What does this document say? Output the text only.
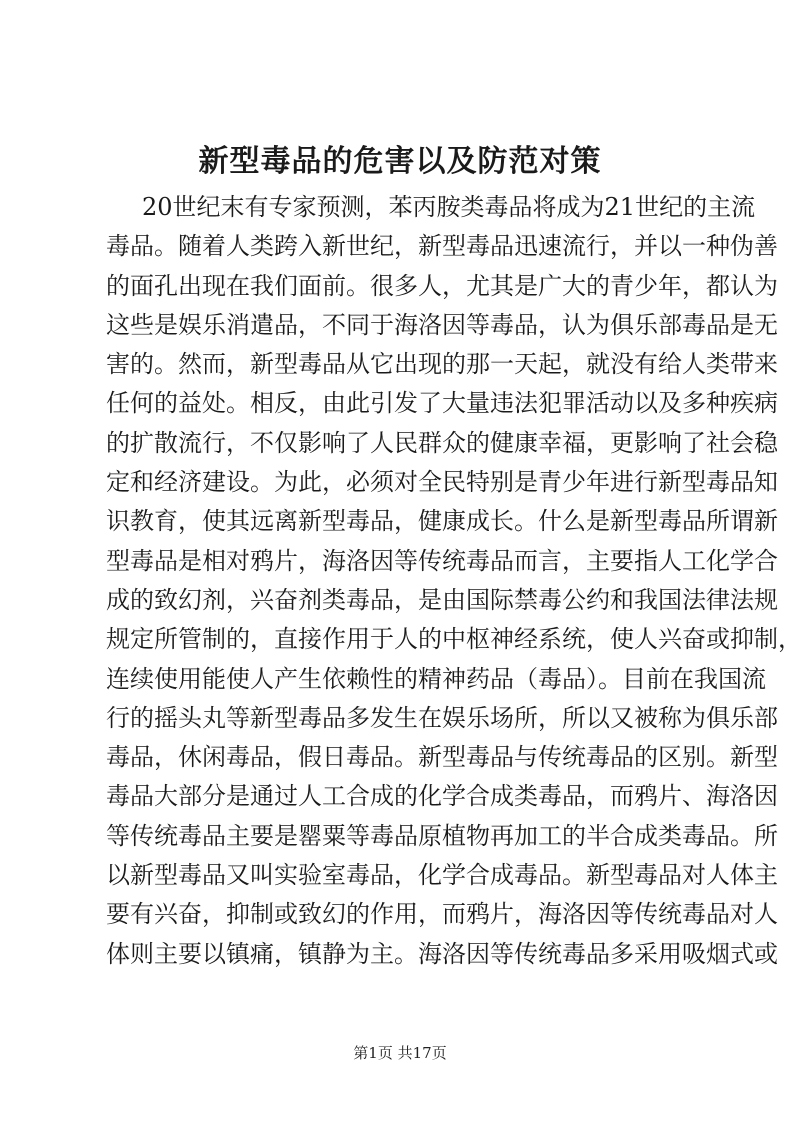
新型毒品的危害以及防范对策
20世纪末有专家预测，苯丙胺类毒品将成为21世纪的主流
毒品。随着人类跨入新世纪，新型毒品迅速流行，并以一种伪善
的面孔出现在我们面前。很多人，尤其是广大的青少年，都认为
这些是娱乐消遣品，不同于海洛因等毒品，认为俱乐部毒品是无
害的。然而，新型毒品从它出现的那一天起，就没有给人类带来
任何的益处。相反，由此引发了大量违法犯罪活动以及多种疾病
的扩散流行，不仅影响了人民群众的健康幸福，更影响了社会稳
定和经济建设。为此，必须对全民特别是青少年进行新型毒品知
识教育，使其远离新型毒品，健康成长。什么是新型毒品所谓新
型毒品是相对鸦片，海洛因等传统毒品而言，主要指人工化学合
成的致幻剂，兴奋剂类毒品，是由国际禁毒公约和我国法律法规
规定所管制的，直接作用于人的中枢神经系统，使人兴奋或抑制，
连续使用能使人产生依赖性的精神药品（毒品）。目前在我国流
行的摇头丸等新型毒品多发生在娱乐场所，所以又被称为俱乐部
毒品，休闲毒品，假日毒品。新型毒品与传统毒品的区别。新型
毒品大部分是通过人工合成的化学合成类毒品，而鸦片、海洛因
等传统毒品主要是罂粟等毒品原植物再加工的半合成类毒品。所
以新型毒品又叫实验室毒品，化学合成毒品。新型毒品对人体主
要有兴奋，抑制或致幻的作用，而鸦片，海洛因等传统毒品对人
体则主要以镇痛，镇静为主。海洛因等传统毒品多采用吸烟式或
第1页 共17页
